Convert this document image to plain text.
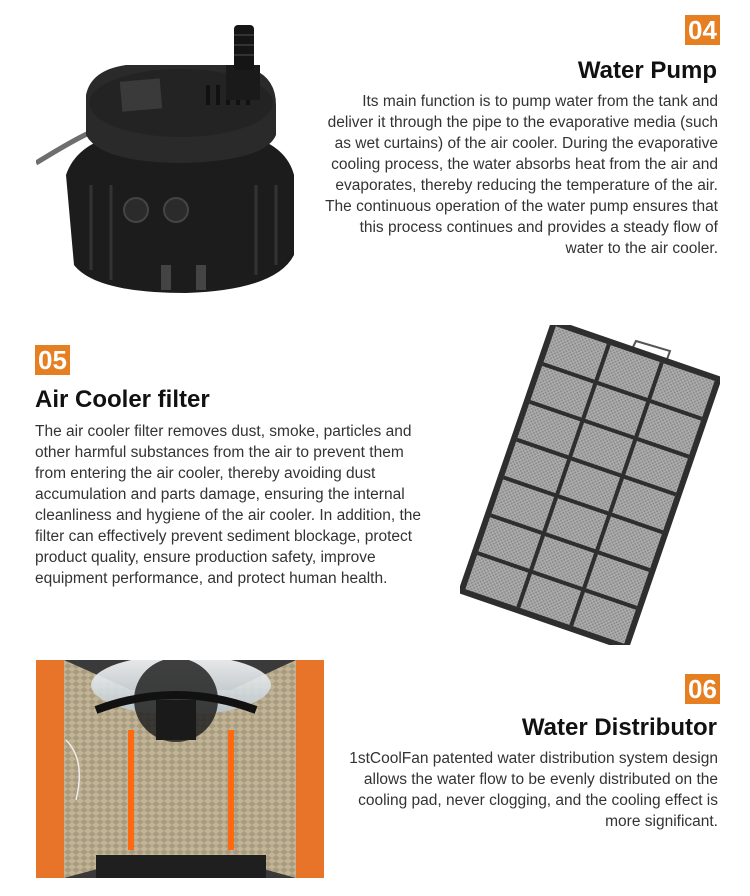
04
Water Pump
Its main function is to pump water from the tank and deliver it through the pipe to the evaporative media (such as wet curtains) of the air cooler. During the evaporative cooling process, the water absorbs heat from the air and evaporates, thereby reducing the temperature of the air. The continuous operation of the water pump ensures that this process continues and provides a steady flow of water to the air cooler.
05
Air Cooler filter
The air cooler filter removes dust, smoke, particles and other harmful substances from the air to prevent them from entering the air cooler, thereby avoiding dust accumulation and parts damage, ensuring the internal cleanliness and hygiene of the air cooler. In addition, the filter can effectively prevent sediment blockage, protect product quality, ensure production safety, improve equipment performance, and protect human health.
06
Water Distributor
1stCoolFan patented water distribution system design allows the water flow to be evenly distributed on the cooling pad, never clogging, and the cooling effect is more significant.
